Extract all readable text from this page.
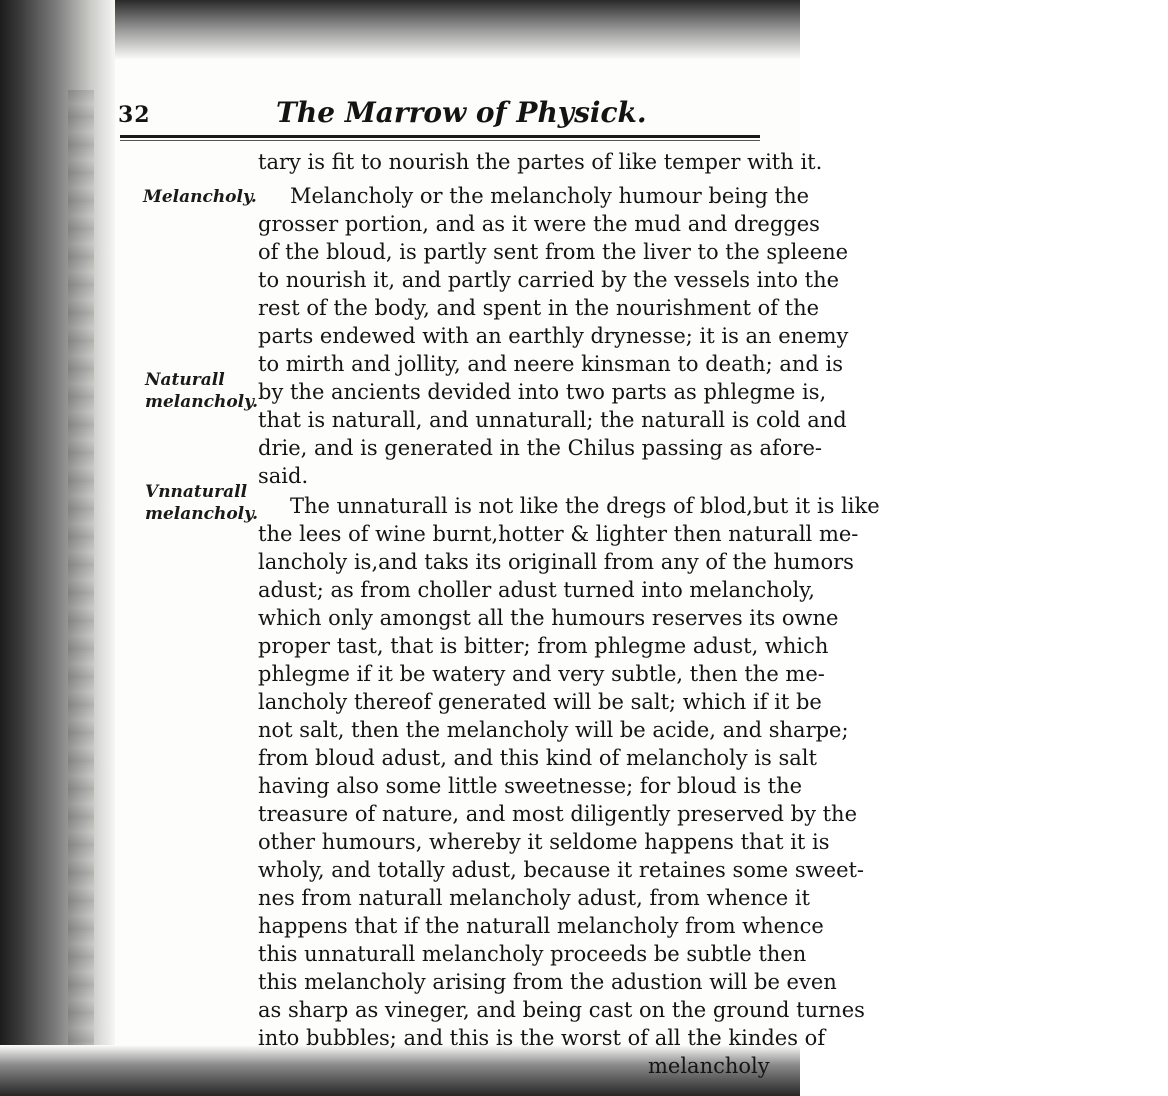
32	The Marrow of Physick.
Melancholy.
Naturall
melancholy.
Vnnaturall
melancholy.
tary is fit to nourish the partes of like temper with it.
Melancholy or the melancholy humour being the
grosser portion, and as it were the mud and dregges
of the bloud, is partly sent from the liver to the spleene
to nourish it, and partly carried by the vessels into the
rest of the body, and spent in the nourishment of the
parts endewed with an earthly drynesse; it is an enemy
to mirth and jollity, and neere kinsman to death; and is
by the ancients devided into two parts as phlegme is,
that is naturall, and unnaturall; the naturall is cold and
drie, and is generated in the Chilus passing as afore-
said.
The unnaturall is not like the dregs of blod,but it is like
the lees of wine burnt,hotter & lighter then naturall me-
lancholy is,and taks its originall from any of the humors
adust; as from choller adust turned into melancholy,
which only amongst all the humours reserves its owne
proper tast, that is bitter; from phlegme adust, which
phlegme if it be watery and very subtle, then the me-
lancholy thereof generated will be salt; which if it be
not salt, then the melancholy will be acide, and sharpe;
from bloud adust, and this kind of melancholy is salt
having also some little sweetnesse; for bloud is the
treasure of nature, and most diligently preserved by the
other humours, whereby it seldome happens that it is
wholy, and totally adust, because it retaines some sweet-
nes from naturall melancholy adust, from whence it
happens that if the naturall melancholy from whence
this unnaturall melancholy proceeds be subtle then
this melancholy arising from the adustion will be even
as sharp as vineger, and being cast on the ground turnes
into bubbles; and this is the worst of all the kindes of
melancholy
